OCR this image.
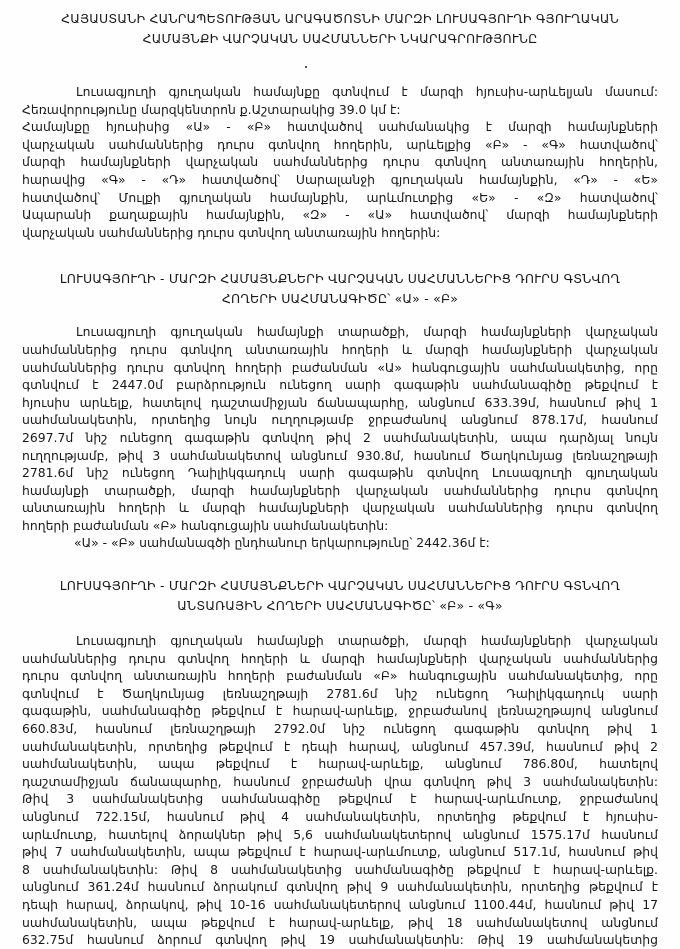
ՀԱՅԱՍՏԱՆԻ ՀԱՆՐԱՊԵՏՈՒԹՅԱՆ ԱՐԱԳԱԾՈՏՆԻ ՄԱՐԶԻ ԼՈՒՍԱԳՅՈՒՂԻ ԳՅՈՒՂԱԿԱՆ
ՀԱՄԱՅՆՔԻ ՎԱՐՉԱԿԱՆ ՍԱՀՄԱՆՆԵՐԻ ՆԿԱՐԱԳՐՈՒԹՅՈՒՆԸ
Լուսագյուղի գյուղական համայնքը գտնվում է մարզի հյուսիս-արևելյան մասում:
Հեռավորությունը մարզկենտրոն ք.Աշտարակից 39.0 կմ է:
Համայնքը հյուսիսից «Ա» - «Բ» հատվածով սահմանակից է մարզի համայնքների
վարչական սահմաններից դուրս գտնվող հողերին, արևելքից «Բ» - «Գ» հատվածով՝
մարզի համայնքների վարչական սահմաններից դուրս գտնվող անտառային հողերին,
հարավից «Գ» - «Դ» հատվածով՝ Սարալանջի գյուղական համայնքին, «Դ» - «Ե»
հատվածով՝ Մուլքի գյուղական համայնքին, արևմուտքից «Ե» - «Զ» հատվածով՝
Ապարանի քաղաքային համայնքին, «Զ» - «Ա» հատվածով՝ մարզի համայնքների
վարչական սահմաններից դուրս գտնվող անտառային հողերին:
ԼՈՒՍԱԳՅՈՒՂԻ - ՄԱՐԶԻ ՀԱՄԱՅՆՔՆԵՐԻ ՎԱՐՉԱԿԱՆ ՍԱՀՄԱՆՆԵՐԻՑ ԴՈՒՐՍ ԳՏՆՎՈՂ
ՀՈՂԵՐԻ ՍԱՀՄԱՆԱԳԻԾԸ՝ «Ա» - «Բ»
Լուսագյուղի գյուղական համայնքի տարածքի, մարզի համայնքների վարչական
սահմաններից դուրս գտնվող անտառային հողերի և մարզի համայնքների վարչական
սահմաններից դուրս գտնվող հողերի բաժանման «Ա» հանգուցային սահմանակետից, որը
գտնվում է 2447.0մ բարձրություն ունեցող սարի գագաթին սահմանագիծը թեքվում է
հյուսիս արևելք, հատելով դաշտամիջյան ճանապարհը, անցնում 633.39մ, հասնում թիվ 1
սահմանակետին, որտեղից նույն ուղղությամբ ջրբաժանով անցնում 878.17մ, հասնում
2697.7մ նիշ ունեցող գագաթին գտնվող թիվ 2 սահմանակետին, ապա դարձյալ նույն
ուղղությամբ, թիվ 3 սահմանակետով անցնում 930.8մ, հասնում Ծաղկունյաց լեռնաշղթայի
2781.6մ նիշ ունեցող Դաիլիկգադուկ սարի գագաթին գտնվող Լուսագյուղի գյուղական
համայնքի տարածքի, մարզի համայնքների վարչական սահմաններից դուրս գտնվող
անտառային հողերի և մարզի համայնքների վարչական սահմաններից դուրս գտնվող
հողերի բաժանման «Բ» հանգուցային սահմանակետին:
«Ա» - «Բ» սահմանագծի ընդհանուր երկարությունը՝ 2442.36մ է:
ԼՈՒՍԱԳՅՈՒՂԻ - ՄԱՐԶԻ ՀԱՄԱՅՆՔՆԵՐԻ ՎԱՐՉԱԿԱՆ ՍԱՀՄԱՆՆԵՐԻՑ ԴՈՒՐՍ ԳՏՆՎՈՂ
ԱՆՏԱՌԱՅԻՆ ՀՈՂԵՐԻ ՍԱՀՄԱՆԱԳԻԾԸ՝ «Բ» - «Գ»
Լուսագյուղի գյուղական համայնքի տարածքի, մարզի համայնքների վարչական
սահմաններից դուրս գտնվող հողերի և մարզի համայնքների վարչական սահմաններից
դուրս գտնվող անտառային հողերի բաժանման «Բ» հանգուցային սահմանակետից, որը
գտնվում է Ծաղկունյաց լեռնաշղթայի 2781.6մ նիշ ունեցող Դաիլիկգադուկ սարի
գագաթին, սահմանագիծը թեքվում է հարավ-արևելք, ջրբաժանով լեռնաշղթայով անցնում
660.83մ, հասնում լեռնաշղթայի 2792.0մ նիշ ունեցող գագաթին գտնվող թիվ 1
սահմանակետին, որտեղից թեքվում է դեպի հարավ, անցնում 457.39մ, հասնում թիվ 2
սահմանակետին, ապա թեքվում է հարավ-արևելք, անցնում 786.80մ, հատելով
դաշտամիջյան ճանապարհը, հասնում ջրբաժանի վրա գտնվող թիվ 3 սահմանակետին:
Թիվ 3 սահմանակետից սահմանագիծը թեքվում է հարավ-արևմուտք, ջրբաժանով
անցնում 722.15մ, հասնում թիվ 4 սահմանակետին, որտեղից թեքվում է հյուսիս-
արևմուտք, հատելով ձորակներ թիվ 5,6 սահմանակետերով անցնում 1575.17մ հասնում
թիվ 7 սահմանակետին, ապա թեքվում է հարավ-արևմուտք, անցնում 517.1մ, հասնում թիվ
8 սահմանակետին: Թիվ 8 սահմանակետից սահմանագիծը թեքվում է հարավ-արևելք.
անցնում 361.24մ հասնում ձորակում գտնվող թիվ 9 սահմանակետին, որտեղից թեքվում է
դեպի հարավ, ձորակով, թիվ 10-16 սահմանակետերով անցնում 1100.44մ, հասնում թիվ 17
սահմանակետին, ապա թեքվում է հարավ-արևելք, թիվ 18 սահմանակետով անցնում
632.75մ հասնում ձորում գտնվող թիվ 19 սահմանակետին: Թիվ 19 սահմանակետից
